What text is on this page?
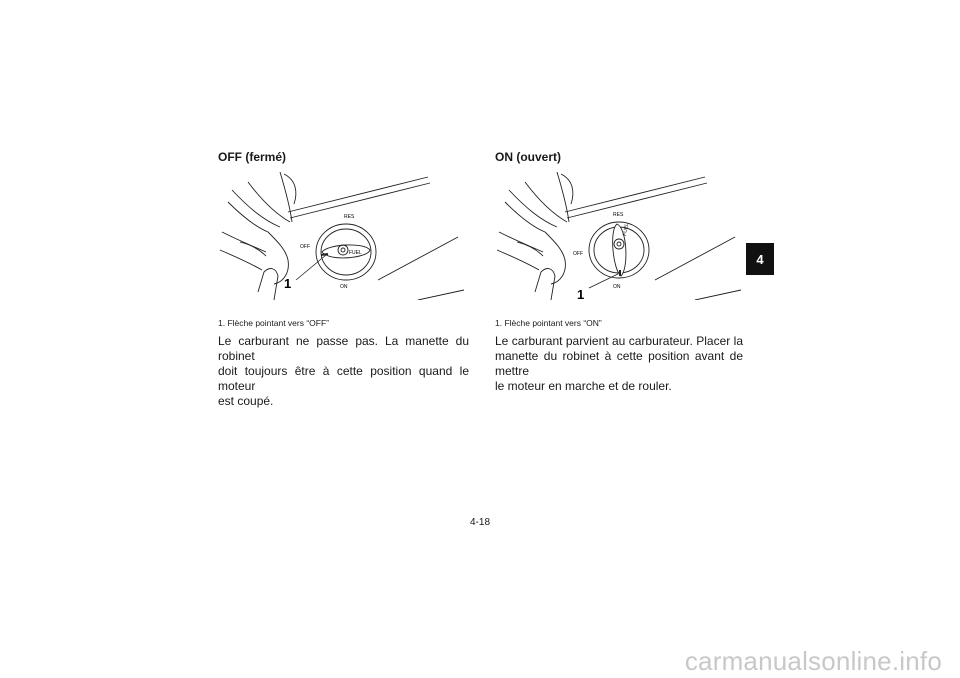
OFF (fermé)
RES
OFF
ON
FUEL
1
1. Flèche pointant vers “OFF”
Le carburant ne passe pas. La manette du robinet
doit toujours être à cette position quand le moteur
est coupé.
ON (ouvert)
RES
OFF
ON
FUEL
1
1. Flèche pointant vers “ON”
Le carburant parvient au carburateur. Placer la
manette du robinet à cette position avant de mettre
le moteur en marche et de rouler.
4
4-18
carmanualsonline.info
